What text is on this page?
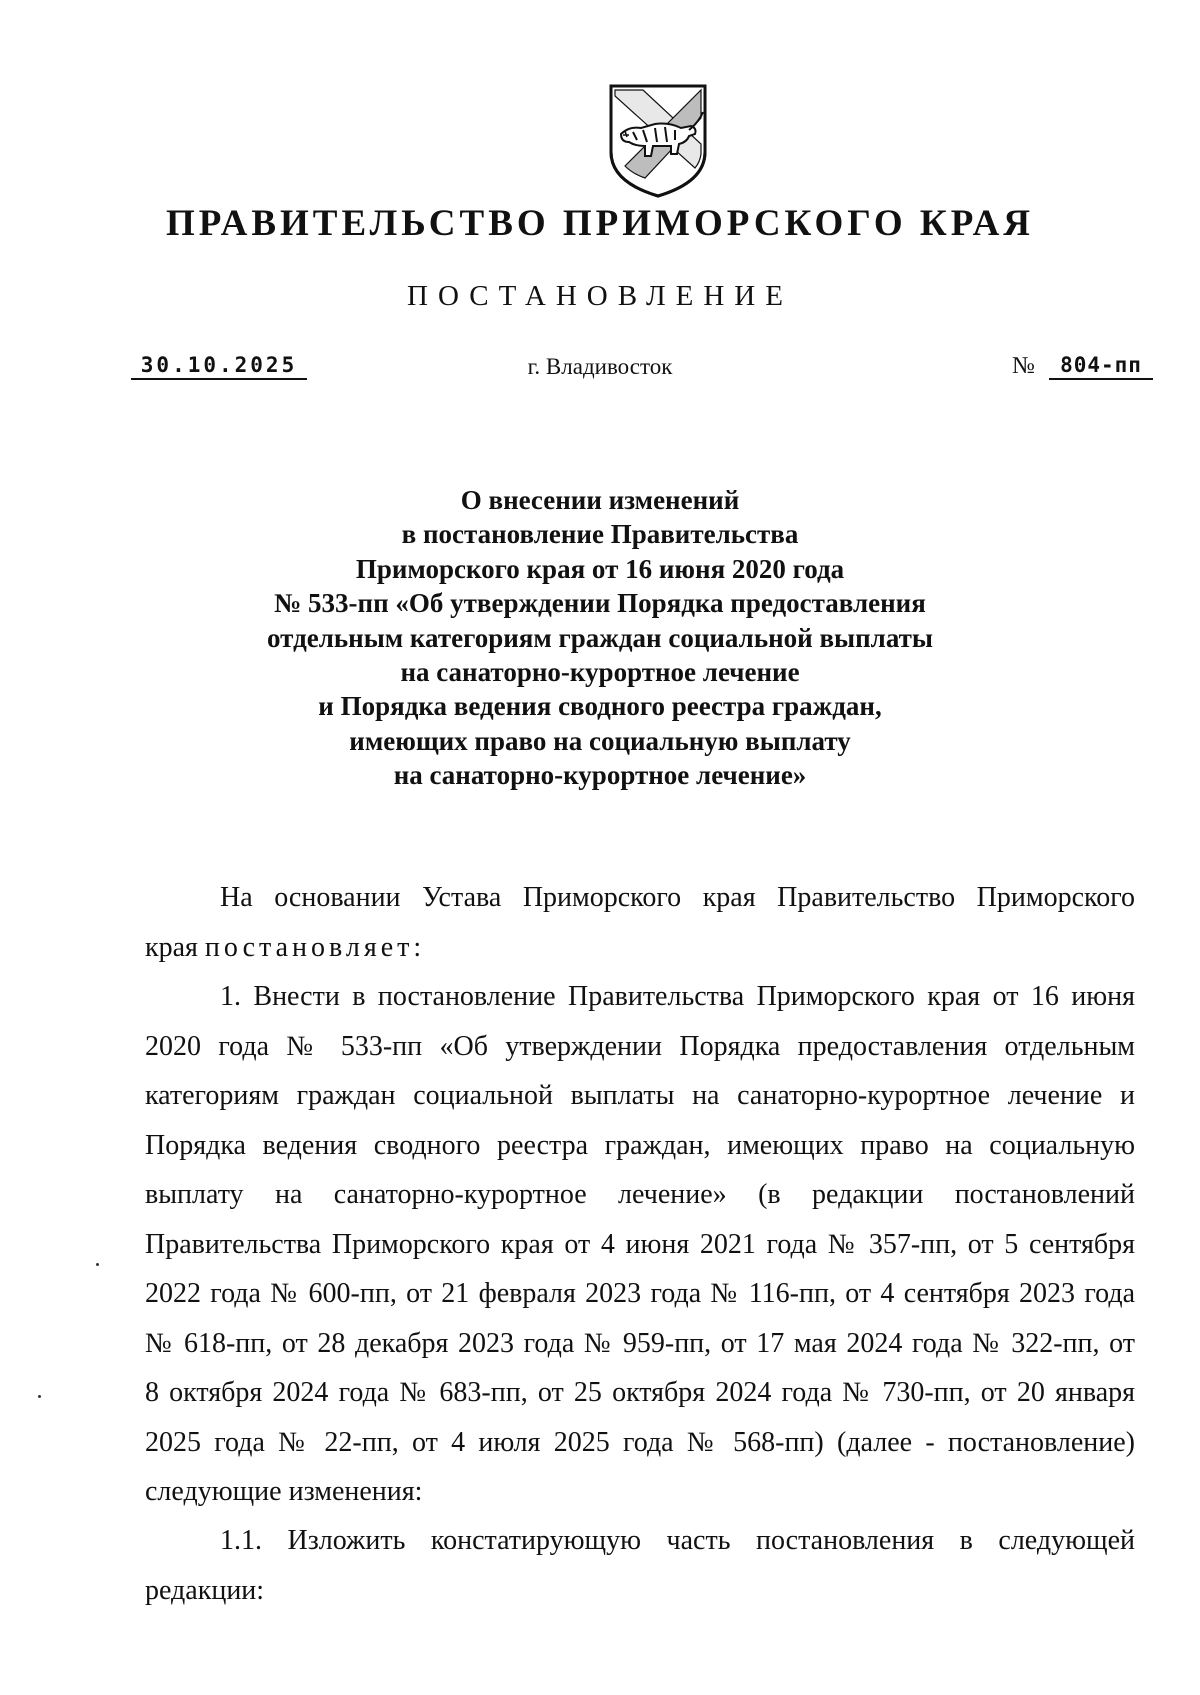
ПРАВИТЕЛЬСТВО ПРИМОРСКОГО КРАЯ
ПОСТАНОВЛЕНИЕ
30.10.2025	г. Владивосток	№	804-пп
О внесении изменений
в постановление Правительства
Приморского края от 16 июня 2020 года
№ 533-пп «Об утверждении Порядка предоставления
отдельным категориям граждан социальной выплаты
на санаторно-курортное лечение
и Порядка ведения сводного реестра граждан,
имеющих право на социальную выплату
на санаторно-курортное лечение»
На основании Устава Приморского края Правительство Приморского
края постановляет:
1. Внести в постановление Правительства Приморского края от 16 июня
2020 года № 533-пп «Об утверждении Порядка предоставления отдельным
категориям граждан социальной выплаты на санаторно-курортное лечение и
Порядка ведения сводного реестра граждан, имеющих право на социальную
выплату на санаторно-курортное лечение» (в редакции постановлений
Правительства Приморского края от 4 июня 2021 года № 357-пп, от 5 сентября
2022 года № 600-пп, от 21 февраля 2023 года № 116-пп, от 4 сентября 2023 года
№ 618-пп, от 28 декабря 2023 года № 959-пп, от 17 мая 2024 года № 322-пп, от
8 октября 2024 года № 683-пп, от 25 октября 2024 года № 730-пп, от 20 января
2025 года № 22-пп, от 4 июля 2025 года № 568-пп) (далее - постановление)
следующие изменения:
1.1. Изложить констатирующую часть постановления в следующей
редакции:
